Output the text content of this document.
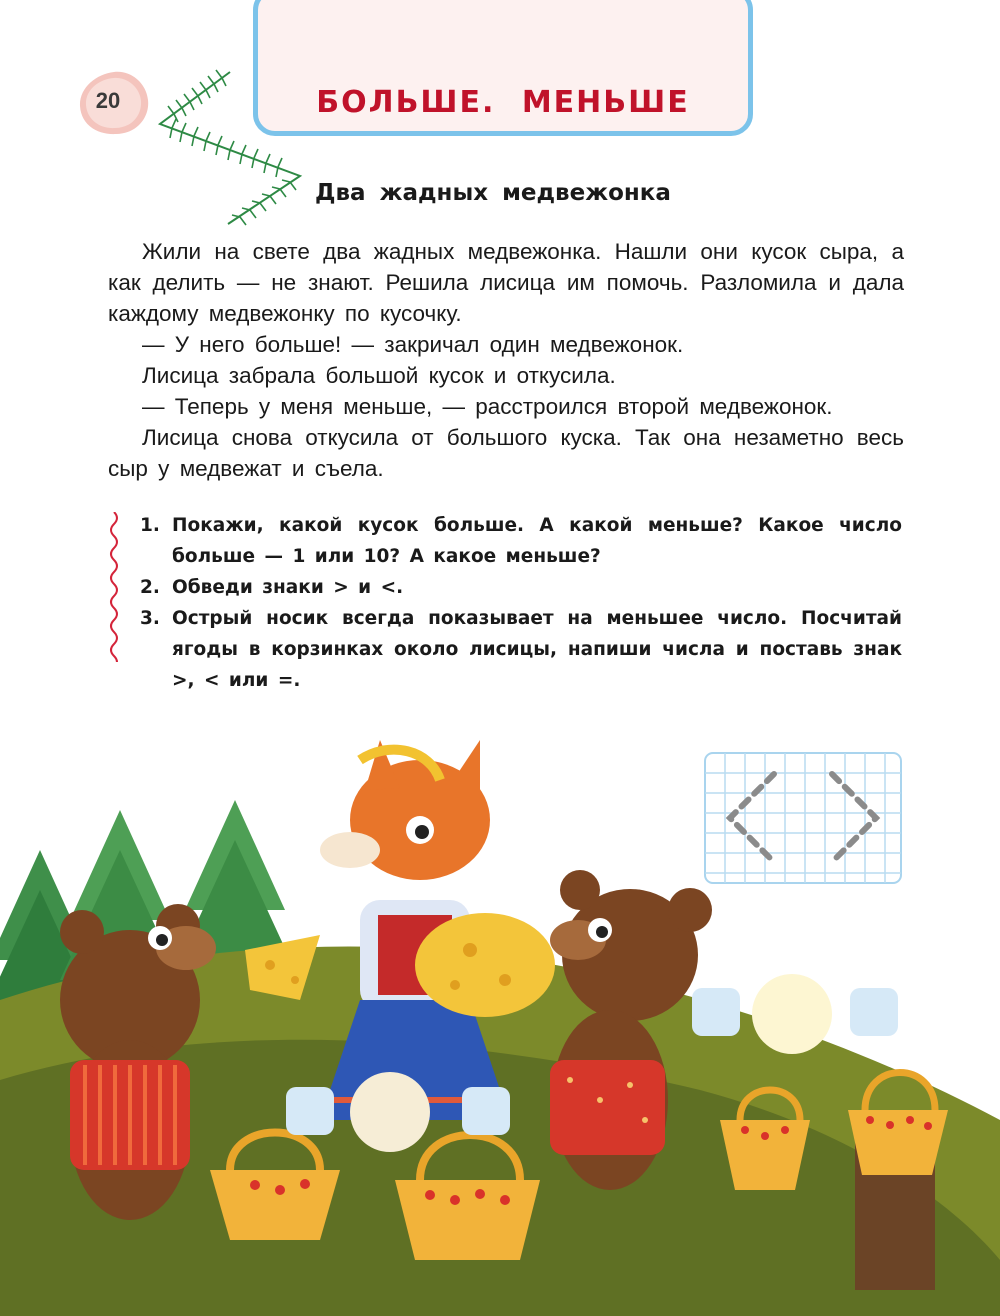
БОЛЬШЕ. МЕНЬШЕ
20
Два жадных медвежонка

Жили на свете два жадных медвежонка. Нашли они кусок сыра, а как делить — не знают. Решила лисица им помочь. Разломила и дала каждому медвежонку по кусочку.

— У него больше! — закричал один медвежонок.

Лисица забрала большой кусок и откусила.

— Теперь у меня меньше, — расстроился второй медвежонок.

Лисица снова откусила от большого куска. Так она незаметно весь сыр у медвежат и съела.

1. Покажи, какой кусок больше. А какой меньше? Какое число больше — 1 или 10? А какое меньше?
2. Обведи знаки > и <.
3. Острый носик всегда показывает на меньшее число. Посчитай ягоды в корзинках около лисицы, напиши числа и поставь знак >, < или =.
